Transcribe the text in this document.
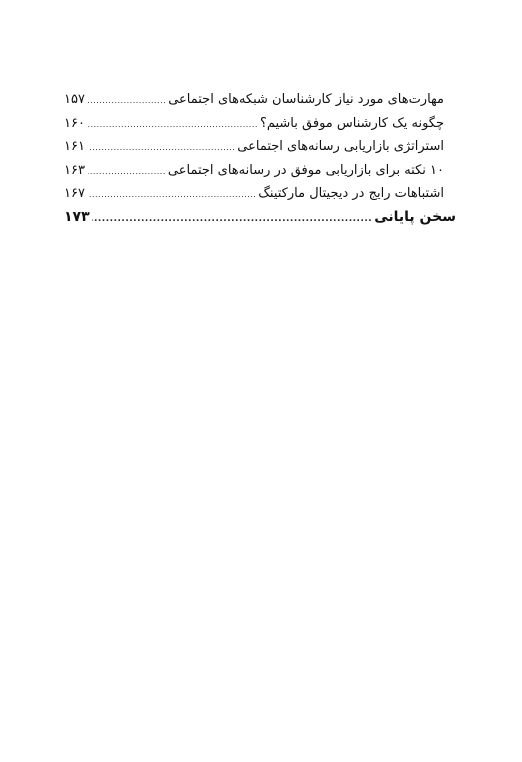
مهارت‌های مورد نیاز کارشناسان شبکه‌های اجتماعی
.....
۱۵۷
چگونه یک کارشناس موفق باشیم؟
.....
۱۶۰
استراتژی بازاریابی رسانه‌های اجتماعی
.....
۱۶۱
۱۰ نکته برای بازاریابی موفق در رسانه‌های اجتماعی
.....
۱۶۳
اشتباهات رایج در دیجیتال مارکتینگ
.....
۱۶۷
سخن پایانی
.....
۱۷۳
